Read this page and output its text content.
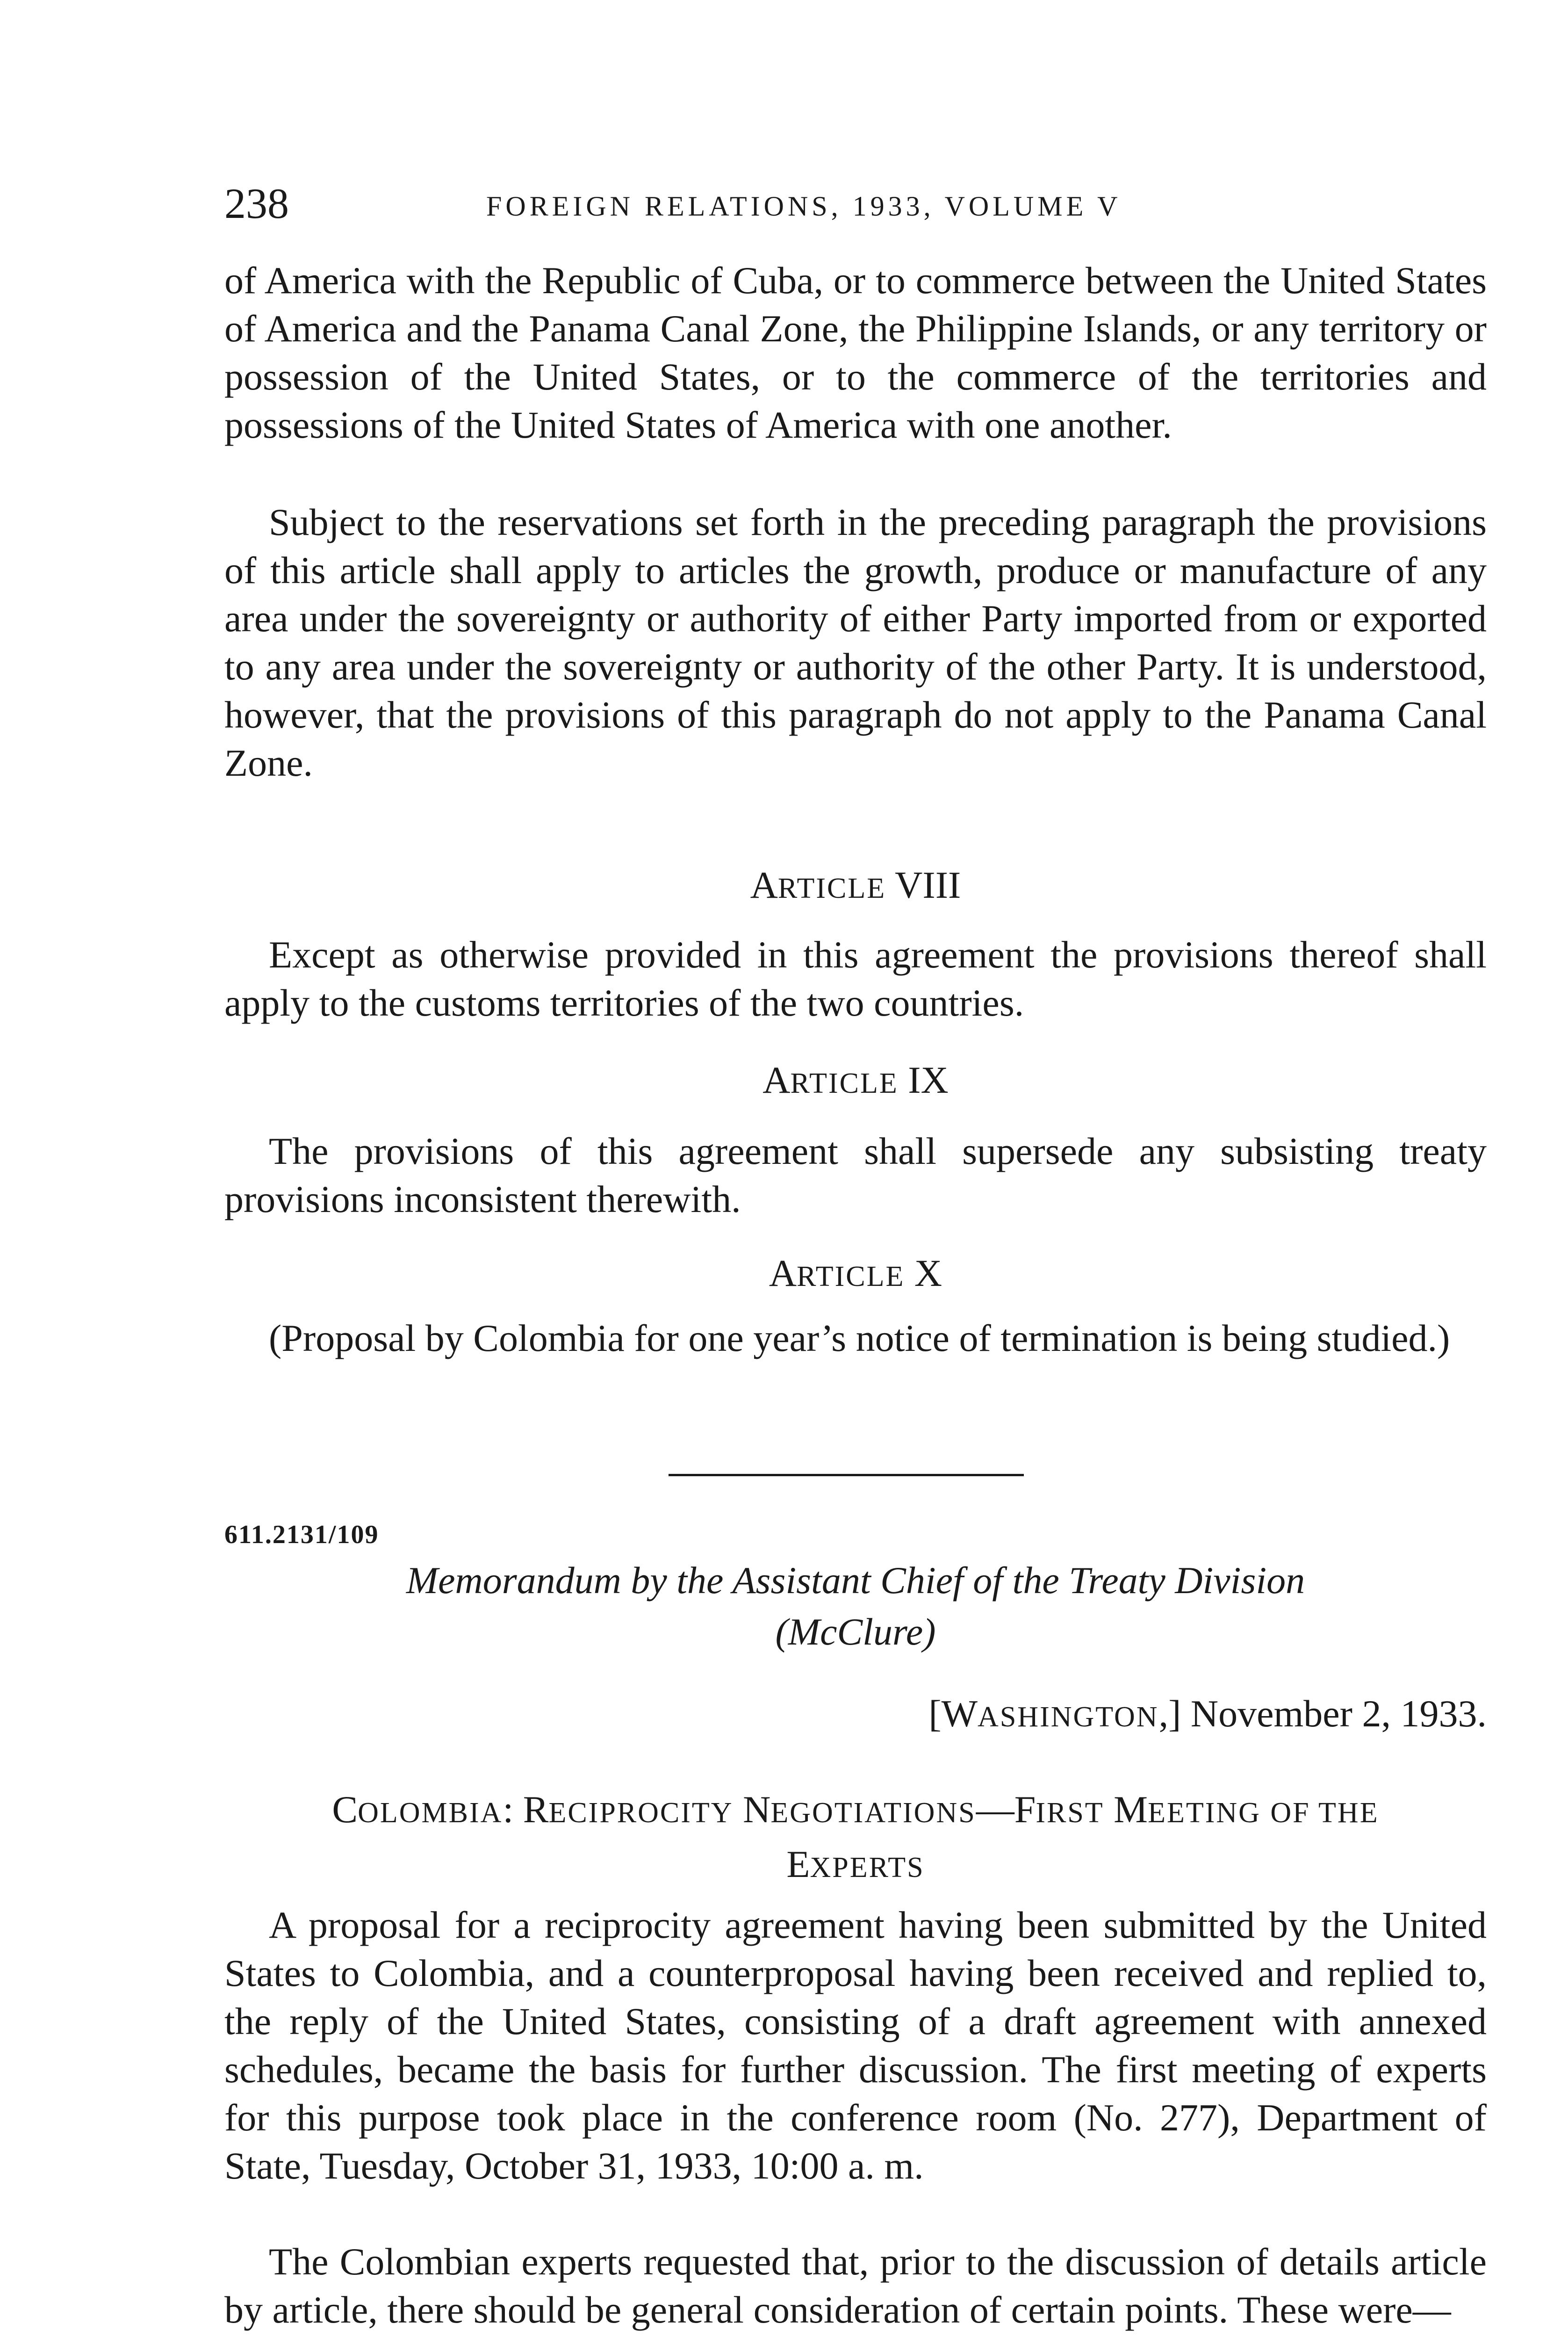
238	FOREIGN RELATIONS, 1933, VOLUME V

of America with the Republic of Cuba, or to commerce between the United States of America and the Panama Canal Zone, the Philippine Islands, or any territory or possession of the United States, or to the commerce of the territories and possessions of the United States of America with one another.

Subject to the reservations set forth in the preceding paragraph the provisions of this article shall apply to articles the growth, produce or manufacture of any area under the sovereignty or authority of either Party imported from or exported to any area under the sovereignty or authority of the other Party. It is understood, however, that the provisions of this paragraph do not apply to the Panama Canal Zone.

ARTICLE VIII

Except as otherwise provided in this agreement the provisions thereof shall apply to the customs territories of the two countries.

ARTICLE IX

The provisions of this agreement shall supersede any subsisting treaty provisions inconsistent therewith.

ARTICLE X

(Proposal by Colombia for one year’s notice of termination is being studied.)

611.2131/109
Memorandum by the Assistant Chief of the Treaty Division
(McClure)
[WASHINGTON,] November 2, 1933.
COLOMBIA: RECIPROCITY NEGOTIATIONS—FIRST MEETING OF THE
EXPERTS

A proposal for a reciprocity agreement having been submitted by the United States to Colombia, and a counterproposal having been received and replied to, the reply of the United States, consisting of a draft agreement with annexed schedules, became the basis for further discussion. The first meeting of experts for this purpose took place in the conference room (No. 277), Department of State, Tuesday, October 31, 1933, 10:00 a. m.

The Colombian experts requested that, prior to the discussion of details article by article, there should be general consideration of certain points. These were—
